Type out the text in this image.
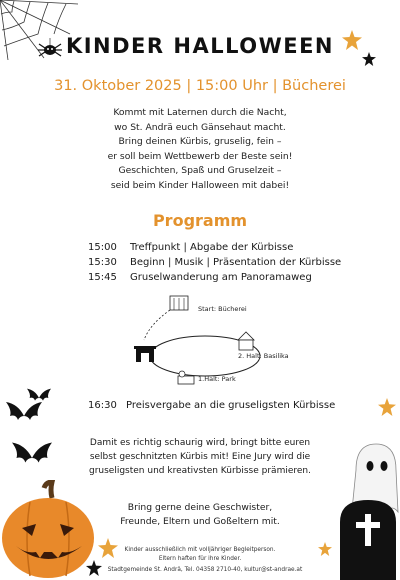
KINDER HALLOWEEN
31. Oktober 2025 | 15:00 Uhr | Bücherei
Kommt mit Laternen durch die Nacht,
wo St. Andrä euch Gänsehaut macht.
Bring deinen Kürbis, gruselig, fein –
er soll beim Wettbewerb der Beste sein!
Geschichten, Spaß und Gruselzeit –
seid beim Kinder Halloween mit dabei!
Programm
15:00 Treffpunkt | Abgabe der Kürbisse
15:30 Beginn | Musik | Präsentation der Kürbisse
15:45 Gruselwanderung am Panoramaweg
Start: Bücherei
2. Halt: Basilika
1.Halt: Park
16:30 Preisvergabe an die gruseligsten Kürbisse
Damit es richtig schaurig wird, bringt bitte euren
selbst geschnitzten Kürbis mit! Eine Jury wird die
gruseligsten und kreativsten Kürbisse prämieren.
Bring gerne deine Geschwister,
Freunde, Eltern und Goßeltern mit.
Kinder ausschließlich mit volljähriger Begleitperson.
Eltern haften für ihre Kinder.
Stadtgemeinde St. Andrä, Tel. 04358 2710-40, kultur@st-andrae.at
